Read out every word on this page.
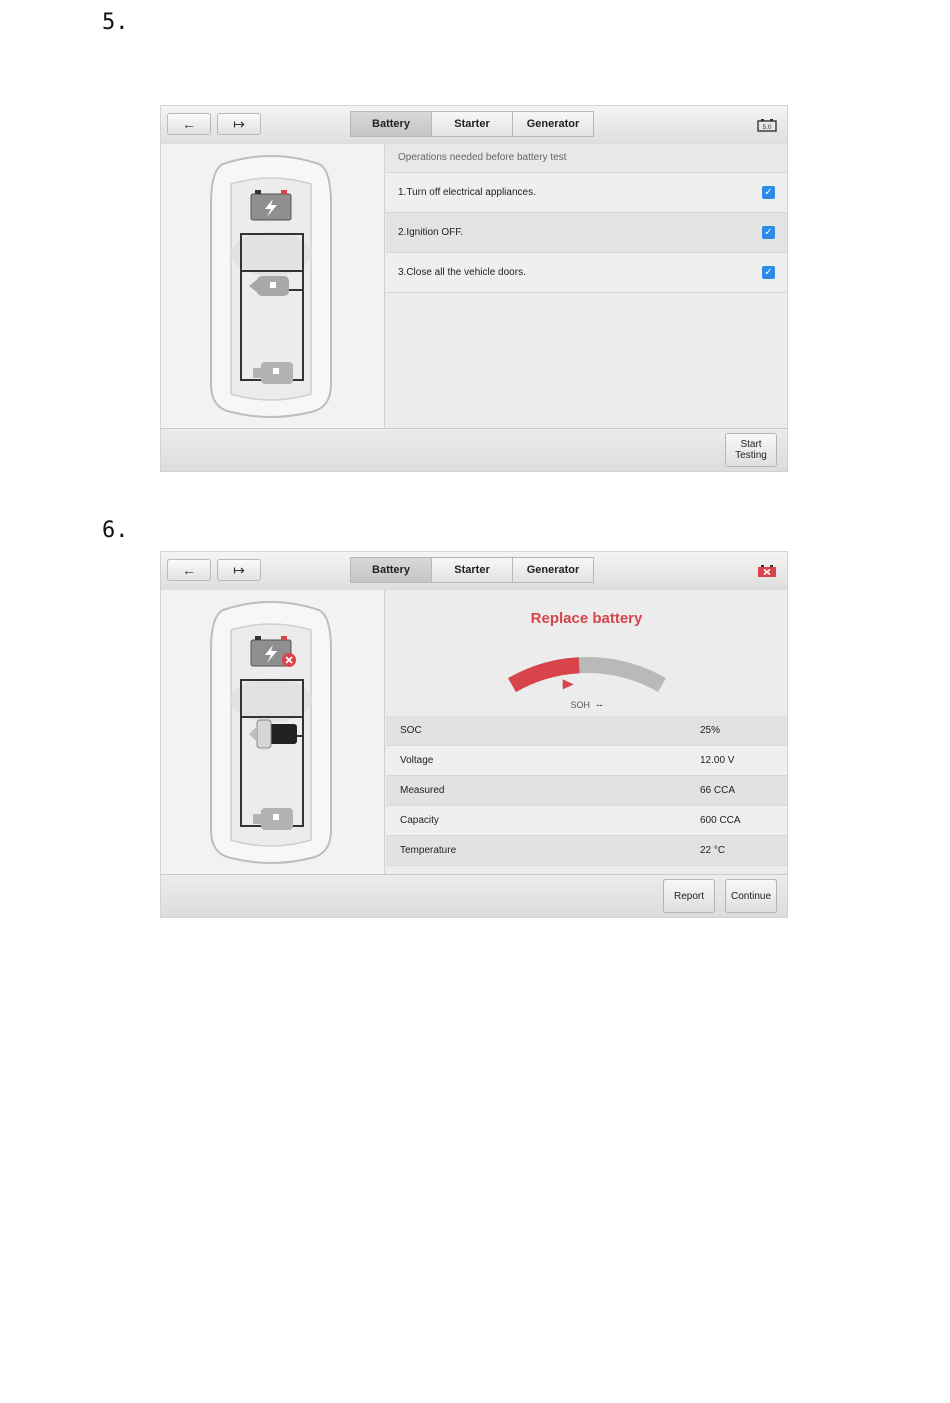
5.
←	↦	Battery	Starter	Generator	5.0
Operations needed before battery test
1.Turn off electrical appliances.	✓
2.Ignition OFF.	✓
3.Close all the vehicle doors.	✓
Start
Testing
6.
←	↦	Battery	Starter	Generator
Replace battery
SOH --
SOC	25%
Voltage	12.00 V
Measured	66 CCA
Capacity	600 CCA
Temperature	22 °C
Report	Continue
